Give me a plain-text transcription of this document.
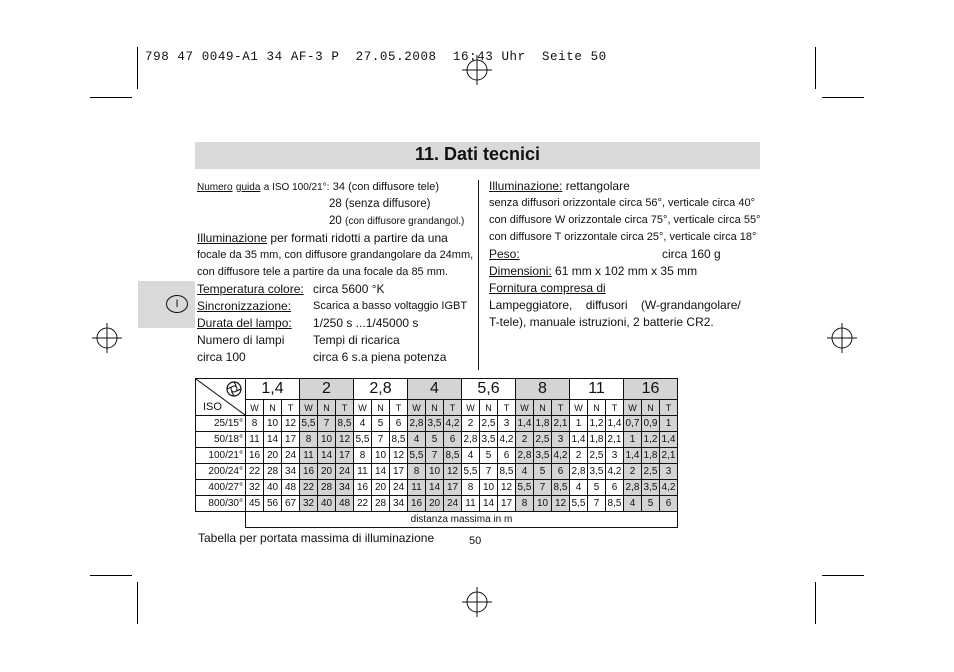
798 47 0049-A1 34 AF-3 P  27.05.2008  16:43 Uhr  Seite 50
11. Dati tecnici
I
Numero guida a ISO 100/21°: 34 (con diffusore tele)
28 (senza diffusore)
20 (con diffusore grandangol.)
Illuminazione per formati ridotti a partire da una
focale da 35 mm, con diffusore grandangolare da 24mm,
con diffusore tele a partire da una focale da 85 mm.
Temperatura colore: circa 5600 °K
Sincronizzazione: Scarica a basso voltaggio IGBT
Durata del lampo: 1/250 s ...1/45000 s
Numero di lampi Tempi di ricarica
circa 100	circa 6 s.a piena potenza
Illuminazione: rettangolare
senza diffusori orizzontale circa 56°, verticale circa 40°
con diffusore W orizzontale circa 75°, verticale circa 55°
con diffusore T orizzontale circa 25°, verticale circa 18°
Peso:	circa 160 g
Dimensioni: 61 mm x 102 mm x 35 mm
Fornitura compresa di
Lampeggiatore,    diffusori    (W-grandangolare/
T-tele), manuale istruzioni, 2 batterie CR2.
ISO	1,4			2			2,8			4			5,6			8			11			16		
	W	N	T	W	N	T	W	N	T	W	N	T	W	N	T	W	N	T	W	N	T	W	N	T
25/15°	8	10	12	5,5	7	8,5	4	5	6	2,8	3,5	4,2	2	2,5	3	1,4	1,8	2,1	1	1,2	1,4	0,7	0,9	1
50/18°	11	14	17	8	10	12	5,5	7	8,5	4	5	6	2,8	3,5	4,2	2	2,5	3	1,4	1,8	2,1	1	1,2	1,4
100/21°	16	20	24	11	14	17	8	10	12	5,5	7	8,5	4	5	6	2,8	3,5	4,2	2	2,5	3	1,4	1,8	2,1
200/24°	22	28	34	16	20	24	11	14	17	8	10	12	5,5	7	8,5	4	5	6	2,8	3,5	4,2	2	2,5	3
400/27°	32	40	48	22	28	34	16	20	24	11	14	17	8	10	12	5,5	7	8,5	4	5	6	2,8	3,5	4,2
800/30°	45	56	67	32	40	48	22	28	34	16	20	24	11	14	17	8	10	12	5,5	7	8,5	4	5	6
	distanza massima in m																							
Tabella per portata massima di illuminazione	50
